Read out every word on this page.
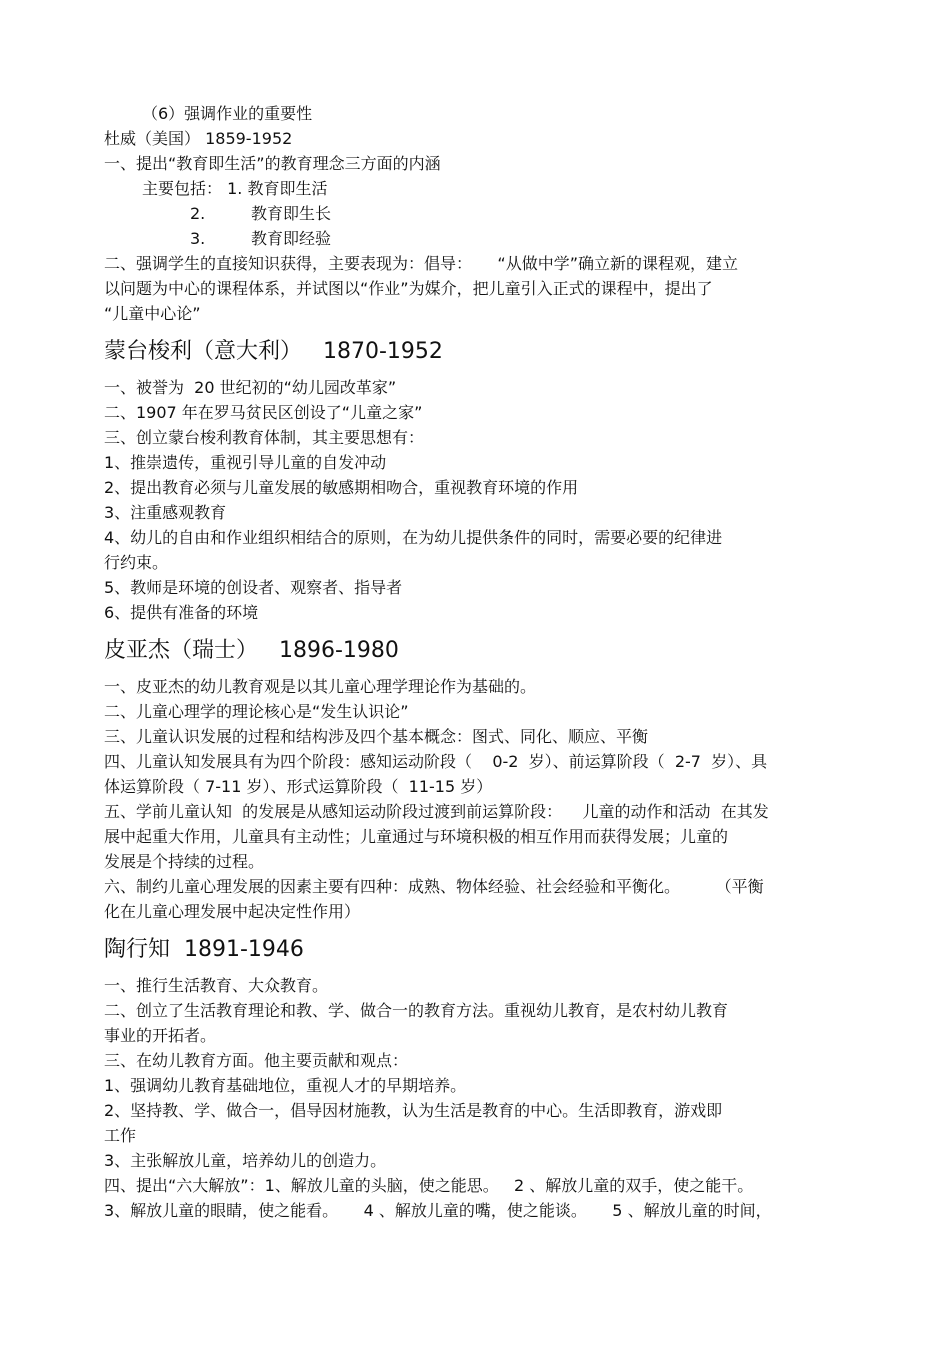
（6）强调作业的重要性
杜威（美国） 1859-1952
一、提出“教育即生活”的教育理念三方面的内涵
主要包括： 1. 教育即生活
2.         教育即生长
3.         教育即经验
二、强调学生的直接知识获得，主要表现为：倡导：     “从做中学”确立新的课程观，建立
以问题为中心的课程体系，并试图以“作业”为媒介，把儿童引入正式的课程中，提出了
“儿童中心论”
蒙台梭利（意大利）   1870-1952
一、被誉为  20 世纪初的“幼儿园改革家”
二、1907 年在罗马贫民区创设了“儿童之家”
三、创立蒙台梭利教育体制，其主要思想有：
1、推崇遗传，重视引导儿童的自发冲动
2、提出教育必须与儿童发展的敏感期相吻合，重视教育环境的作用
3、注重感观教育
4、幼儿的自由和作业组织相结合的原则，在为幼儿提供条件的同时，需要必要的纪律进
行约束。
5、教师是环境的创设者、观察者、指导者
6、提供有准备的环境
皮亚杰（瑞士）   1896-1980
一、皮亚杰的幼儿教育观是以其儿童心理学理论作为基础的。
二、儿童心理学的理论核心是“发生认识论”
三、儿童认识发展的过程和结构涉及四个基本概念：图式、同化、顺应、平衡
四、儿童认知发展具有为四个阶段：感知运动阶段（    0-2  岁）、前运算阶段（  2-7  岁）、具
体运算阶段（ 7-11 岁）、形式运算阶段（  11-15 岁）
五、学前儿童认知  的发展是从感知运动阶段过渡到前运算阶段：    儿童的动作和活动  在其发
展中起重大作用，儿童具有主动性；儿童通过与环境积极的相互作用而获得发展；儿童的
发展是个持续的过程。
六、制约儿童心理发展的因素主要有四种：成熟、物体经验、社会经验和平衡化。       （平衡
化在儿童心理发展中起决定性作用）
陶行知  1891-1946
一、推行生活教育、大众教育。
二、创立了生活教育理论和教、学、做合一的教育方法。重视幼儿教育，是农村幼儿教育
事业的开拓者。
三、在幼儿教育方面。他主要贡献和观点：
1、强调幼儿教育基础地位，重视人才的早期培养。
2、坚持教、学、做合一，倡导因材施教，认为生活是教育的中心。生活即教育，游戏即
工作
3、主张解放儿童，培养幼儿的创造力。
四、提出“六大解放”：1、解放儿童的头脑，使之能思。   2 、解放儿童的双手，使之能干。
3、解放儿童的眼睛，使之能看。     4 、解放儿童的嘴，使之能谈。     5 、解放儿童的时间，
